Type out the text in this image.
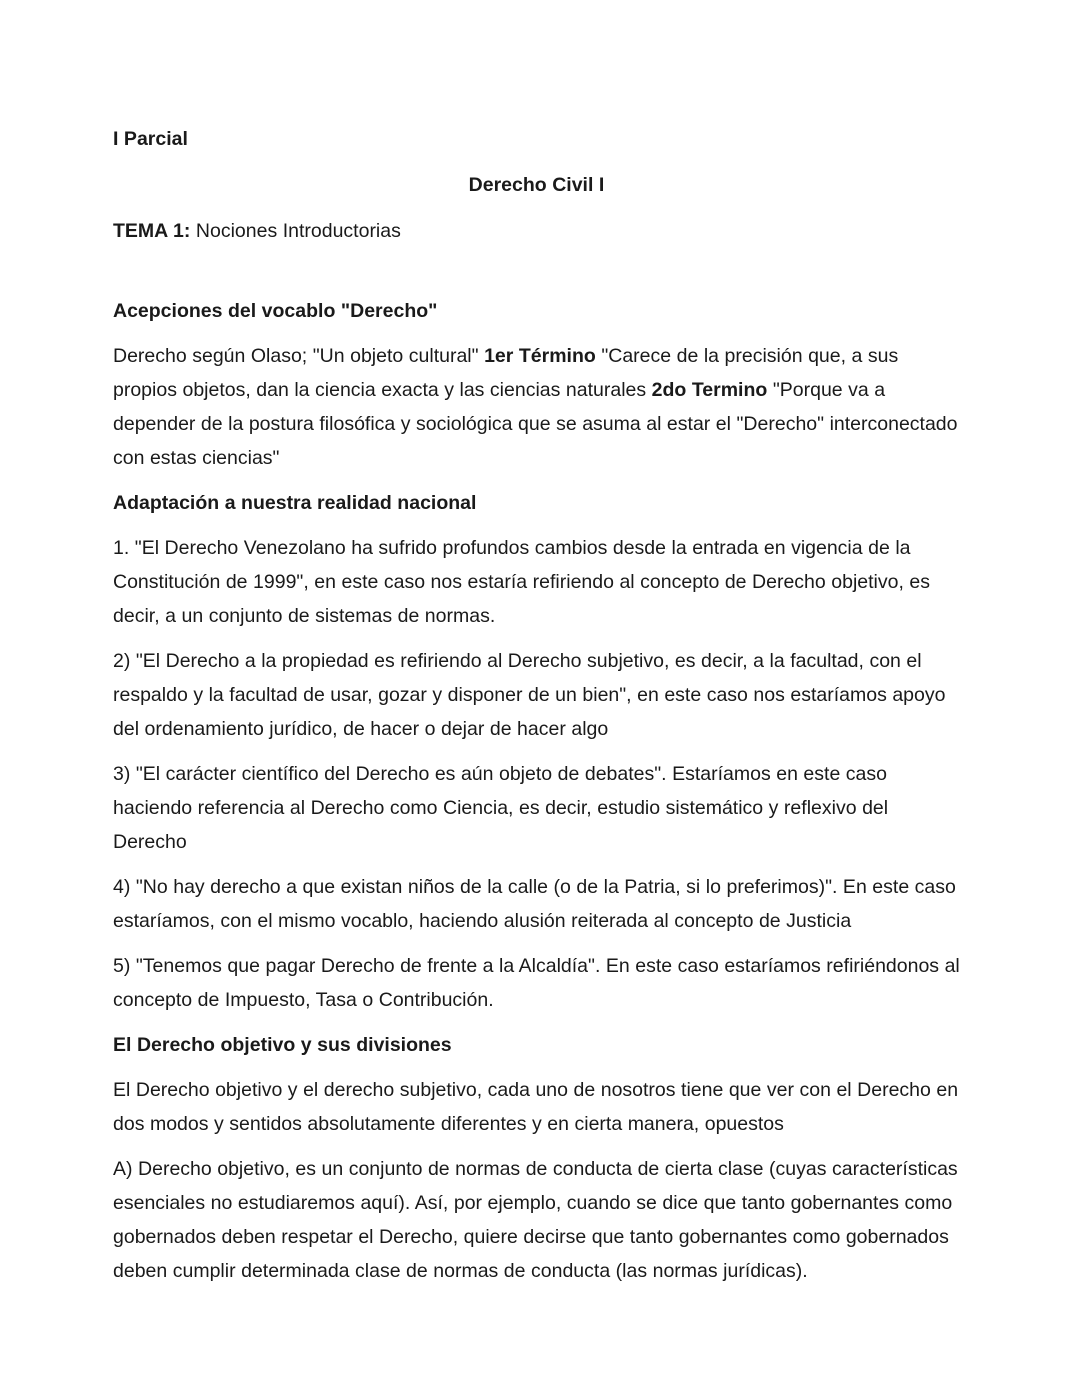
I Parcial

Derecho Civil I

TEMA 1: Nociones Introductorias

Acepciones del vocablo "Derecho"

Derecho según Olaso; "Un objeto cultural" 1er Término "Carece de la precisión que, a sus propios objetos, dan la ciencia exacta y las ciencias naturales 2do Termino "Porque va a depender de la postura filosófica y sociológica que se asuma al estar el "Derecho" interconectado con estas ciencias"

Adaptación a nuestra realidad nacional

1. "El Derecho Venezolano ha sufrido profundos cambios desde la entrada en vigencia de la Constitución de 1999", en este caso nos estaría refiriendo al concepto de Derecho objetivo, es decir, a un conjunto de sistemas de normas.

2) "El Derecho a la propiedad es refiriendo al Derecho subjetivo, es decir, a la facultad, con el respaldo y la facultad de usar, gozar y disponer de un bien", en este caso nos estaríamos apoyo del ordenamiento jurídico, de hacer o dejar de hacer algo

3) "El carácter científico del Derecho es aún objeto de debates". Estaríamos en este caso haciendo referencia al Derecho como Ciencia, es decir, estudio sistemático y reflexivo del Derecho

4) "No hay derecho a que existan niños de la calle (o de la Patria, si lo preferimos)". En este caso estaríamos, con el mismo vocablo, haciendo alusión reiterada al concepto de Justicia

5) "Tenemos que pagar Derecho de frente a la Alcaldía". En este caso estaríamos refiriéndonos al concepto de Impuesto, Tasa o Contribución.

El Derecho objetivo y sus divisiones

El Derecho objetivo y el derecho subjetivo, cada uno de nosotros tiene que ver con el Derecho en dos modos y sentidos absolutamente diferentes y en cierta manera, opuestos

A) Derecho objetivo, es un conjunto de normas de conducta de cierta clase (cuyas características esenciales no estudiaremos aquí). Así, por ejemplo, cuando se dice que tanto gobernantes como gobernados deben respetar el Derecho, quiere decirse que tanto gobernantes como gobernados deben cumplir determinada clase de normas de conducta (las normas jurídicas).
